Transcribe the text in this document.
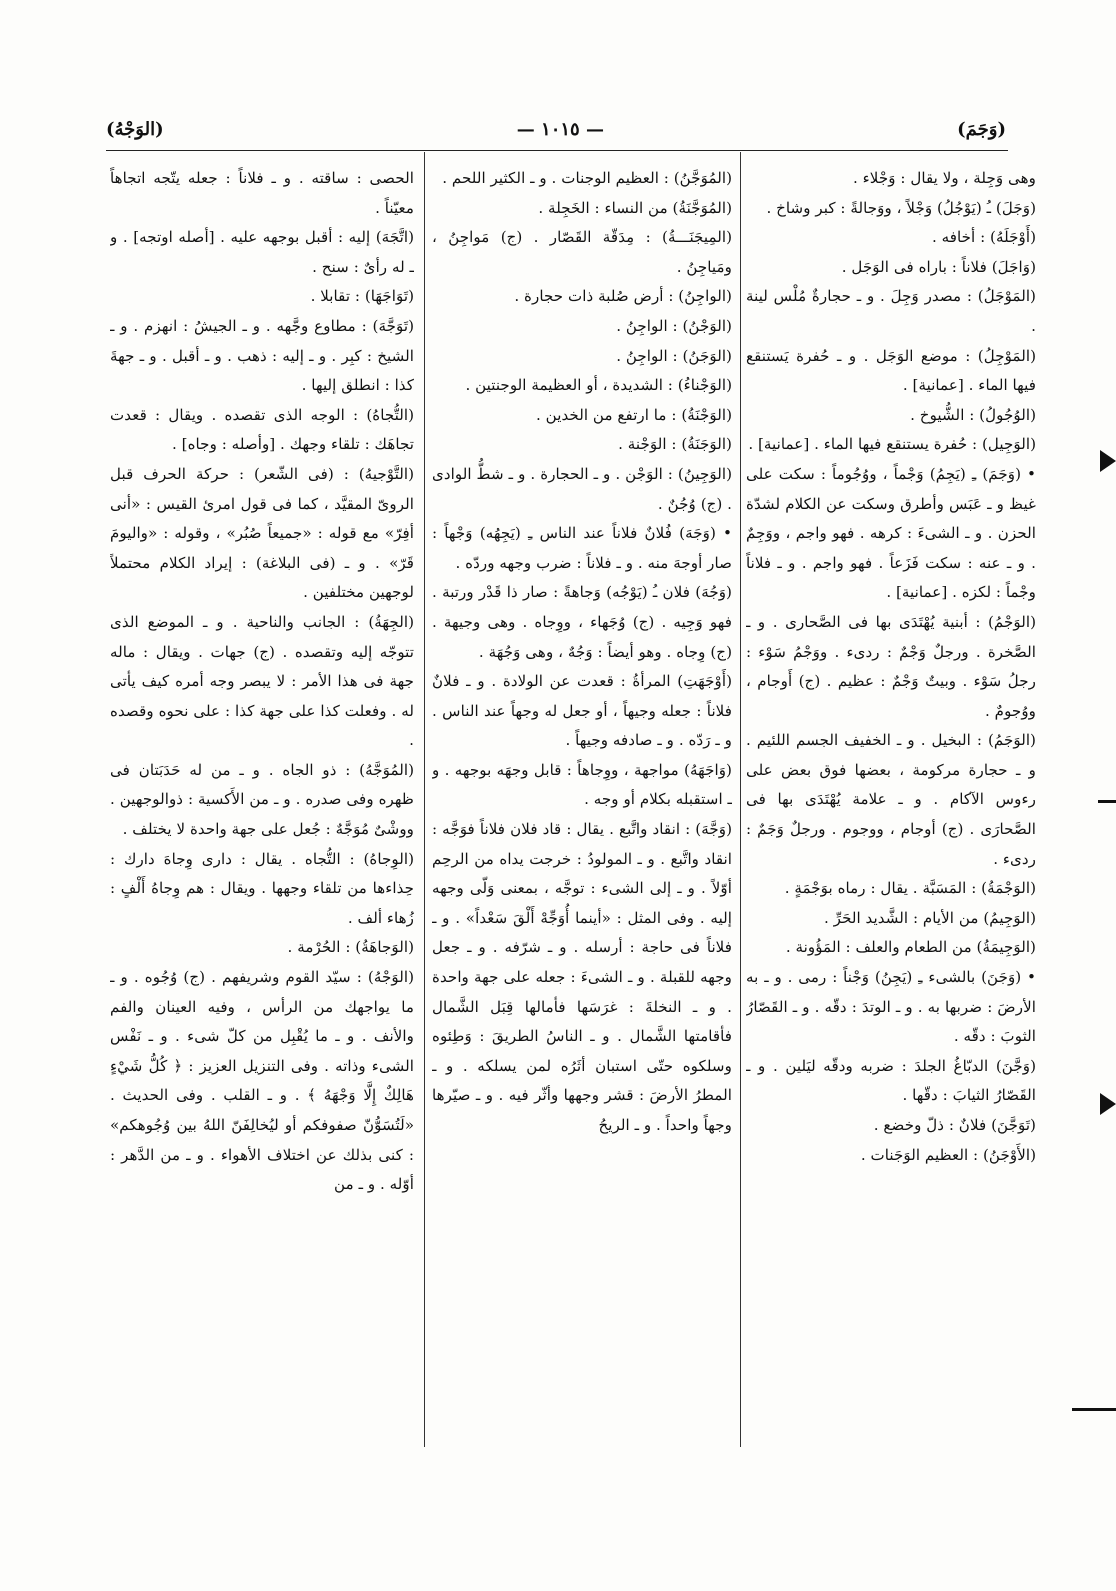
(وَجَمَ)
— ١٠١٥ —
(الوَجْهُ)

وهى وَجِلة ، ولا يقال : وَجْلاء .

(وَجَلَ) ـُ (يَوْجُلُ) وَجْلاً ، ووَجالةً : كبر وشاخ .

(أَوْجَلَهُ) : أخافه .

(وَاجَلَ) فلاناً : باراه فى الوَجَل .

(المَوْجَلُ) : مصدر وَجِلَ . و ـ حجارةٌ مُلْس لينة .

(المَوْجِلُ) : موضع الوَجَل . و ـ حُفرة يَستنقع فيها الماء . [عمانية] .

(الوُجُولُ) : الشُّيوخ .

(الوَجِيل) : حُفرة يستنقع فيها الماء . [عمانية] .

• (وَجَمَ) ـِ (يَجِمُ) وَجْماً ، ووُجُوماً : سكت على غيظ و ـ عَبَس وأطرق وسكت عن الكلام لشدّة الحزن . و ـ الشىءَ : كرهه . فهو واجم ، ووَجِمٌ . و ـ عنه : سكت فَزَعاً . فهو واجم . و ـ فلاناً وجْماً : لكزه . [عمانية] .

(الوَجْمُ) : أبنية يُهْتَدَى بها فى الصَّحارى . و ـ الصَّخرة . ورجلٌ وَجْمٌ : ردىء . ووَجْمُ سَوْء : رجلُ سَوْء . وبيتٌ وَجْمٌ : عظيم . (ج) أَوجام ، ووُجومٌ .

(الوَجَمُ) : البخيل . و ـ الخفيف الجسم اللئيم . و ـ حجارة مركومة ، بعضها فوق بعض على رءوس الآكام . و ـ علامة يُهْتَدَى بها فى الصَّحارَى . (ج) أوجام ، ووجوم . ورجلٌ وَجَمٌ : ردىء .

(الوَجْمَةُ) : المَسَبَّة . يقال : رماه بوَجْمَةٍ .

(الوَجِيمُ) من الأيام : الشَّديد الحَرِّ .

(الوَجِيمَةُ) من الطعام والعلف : المَؤُونة .

• (وَجَنَ) بالشىء ـِ (يَجِنُ) وَجْناً : رمى . و ـ به الأرضَ : ضربها به . و ـ الوتدَ : دقّه . و ـ القَصّارُ الثوبَ : دقّه .

(وَجَّنَ) الدبّاغُ الجلدَ : ضربه ودقّه ليَلين . و ـ القَصّارُ الثيابَ : دقّها .

(تَوَجَّنَ) فلانٌ : ذلّ وخضع .

(الأَوْجَنُ) : العظيم الوَجَنات .

(المُوَجَّنُ) : العظيم الوجنات . و ـ الكثير اللحم .

(المُوَجَّنَةُ) من النساء : الخَجِلة .

(المِيجَنَـــةُ) : مِدَقّة القَصّار . (ج) مَواجِنُ ، ومَياجِنُ .

(الواجِنُ) : أرض صُلبة ذات حجارة .

(الوَجْنُ) : الواجِنُ .

(الوَجَنُ) : الواجِنُ .

(الوَجْناءُ) : الشديدة ، أو العظيمة الوجنتين .

(الوَجْنَةُ) : ما ارتفع من الخدين .

(الوَجَنَةُ) : الوَجْنة .

(الوَجِينُ) : الوَجْن . و ـ الحجارة . و ـ شطُّ الوادى . (ج) وُجُنٌ .

• (وَجَهَ) فُلانٌ فلاناً عند الناس ـِ (يَجِهُه) وَجْهاً : صار أوجهَ منه . و ـ فلاناً : ضرب وجهه وردّه .

(وَجُهَ) فلان ـُ (يَوْجُه) وَجاهةً : صار ذا قَدْر ورتبة . فهو وَجِيه . (ج) وُجَهاء ، ووِجاه . وهى وجيهة . (ج) وِجاه . وهو أيضاً : وَجُهٌ ، وهى وَجُهَة .

(أَوْجَهَتِ) المرأةُ : قعدت عن الولادة . و ـ فلانٌ فلاناً : جعله وجيهاً ، أو جعل له وجهاً عند الناس . و ـ رَدّه . و ـ صادفه وجيهاً .

(وَاجَهَهُ) مواجهة ، ووِجاهاً : قابل وجهَه بوجهه . و ـ استقبله بكلام أو وجه .

(وَجَّهَ) : انقاد واتَّبع . يقال : قاد فلان فلاناً فوَجَّه : انقاد واتَّبع . و ـ المولودُ : خرجت يداه من الرحِم أوّلاً . و ـ إلى الشىء : توجَّه ، بمعنى وَلّى وجهه إليه . وفى المثل : «أينما أُوَجِّهْ أَلْقَ سَعْداً» . و ـ فلاناً فى حاجة : أرسله . و ـ شرّفه . و ـ جعل وجهه للقبلة . و ـ الشىءَ : جعله على جهة واحدة . و ـ النخلةَ : غرَسَها فأمالها قِبَل الشَّمال فأقامتها الشَّمال . و ـ الناسُ الطريقَ : وَطِئوه وسلكوه حتّى استبان أثَرُه لمن يسلكه . و ـ المطرُ الأرضَ : قشر وجهها وأثّر فيه . و ـ صيّرها وجهاً واحداً . و ـ الريحُ

الحصى : ساقته . و ـ فلاناً : جعله يتّجه اتجاهاً معيّناً .

(اتَّجَهَ) إليه : أقبل بوجهه عليه . [أصله اوتجه] . و ـ له رأىٌ : سنح .

(تَوَاجَهَا) : تقابلا .

(تَوَجَّهَ) : مطاوع وجَّهه . و ـ الجيشُ : انهزم . و ـ الشيخ : كبِر . و ـ إليه : ذهب . و ـ أقبل . و ـ جهةَ كذا : انطلق إليها .

(التُّجاهُ) : الوجه الذى تقصده . ويقال : قعدت تجاهَك : تلقاء وجهك . [وأصله : وجاه] .

(التَّوْجيهُ) : (فى الشّعر) : حركة الحرف قبل الروىّ المقيَّد ، كما فى قول امرئ القيس : «أنى أفِرّ» مع قوله : «جميعاً صُبُر» ، وقوله : «واليومَ قَرّ» . و ـ (فى البلاغة) : إيراد الكلام محتملاً لوجهين مختلفين .

(الجِهَةُ) : الجانب والناحية . و ـ الموضع الذى تتوجّه إليه وتقصده . (ج) جهات . ويقال : ماله جهة فى هذا الأمر : لا يبصر وجه أمره كيف يأتى له . وفعلت كذا على جهة كذا : على نحوه وقصده .

(المُوَجَّهُ) : ذو الجاه . و ـ من له حَدَبَتان فى ظهره وفى صدره . و ـ من الأَكسية : ذوالوجهين . ووشْىٌ مُوَجَّهٌ : جُعل على جهة واحدة لا يختلف .

(الوِجاهُ) : التُّجاه . يقال : دارى وِجاهَ دارك : حِذاءها من تلقاء وجهها . ويقال : هم وِجاهُ أَلْفٍ : زُهاء ألف .

(الوَجاهَةُ) : الحُرْمة .

(الوَجْهُ) : سيّد القوم وشريفهم . (ج) وُجُوه . و ـ ما يواجهك من الرأس ، وفيه العينان والفم والأنف . و ـ ما يُقْبِل من كلّ شىء . و ـ نَفْس الشىء وذاته . وفى التنزيل العزيز : ﴿ كُلُّ شَيْءٍ هَالِكٌ إِلَّا وَجْهَهُ ﴾ . و ـ القلب . وفى الحديث . «لَتُسَوُّنّ صفوفكم أو ليُخالِفَنّ اللهُ بين وُجُوهكم» : كنى بذلك عن اختلاف الأهواء . و ـ من الدَّهر : أوّله . و ـ من
